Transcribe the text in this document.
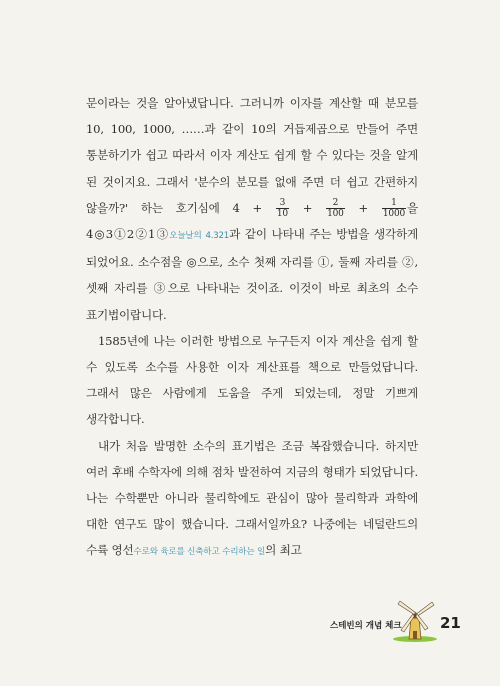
문이라는 것을 알아냈답니다. 그러니까 이자를 계산할 때 분모를 10, 100, 1000, ……과 같이 10의 거듭제곱으로 만들어 주면 통분하기가 쉽고 따라서 이자 계산도 쉽게 할 수 있다는 것을 알게 된 것이지요. 그래서 '분수의 분모를 없애 주면 더 쉽고 간편하지 않을까?' 하는 호기심에 $4 + \frac{3}{10} + \frac{2}{100} + \frac{1}{1000}$ 을 4◎3①2②1③오늘날의 4.321과 같이 나타내 주는 방법을 생각하게 되었어요. 소수점을 ◎으로, 소수 첫째 자리를 ①, 둘째 자리를 ②, 셋째 자리를 ③으로 나타내는 것이죠. 이것이 바로 최초의 소수 표기법이랍니다.

1585년에 나는 이러한 방법으로 누구든지 이자 계산을 쉽게 할 수 있도록 소수를 사용한 이자 계산표를 책으로 만들었답니다. 그래서 많은 사람에게 도움을 주게 되었는데, 정말 기쁘게 생각합니다.

내가 처음 발명한 소수의 표기법은 조금 복잡했습니다. 하지만 여러 후배 수학자에 의해 점차 발전하여 지금의 형태가 되었답니다. 나는 수학뿐만 아니라 물리학에도 관심이 많아 물리학과 과학에 대한 연구도 많이 했습니다. 그래서일까요? 나중에는 네덜란드의 수륙 영선수로와 육로를 신축하고 수리하는 일의 최고

스테빈의 개념 체크	21
